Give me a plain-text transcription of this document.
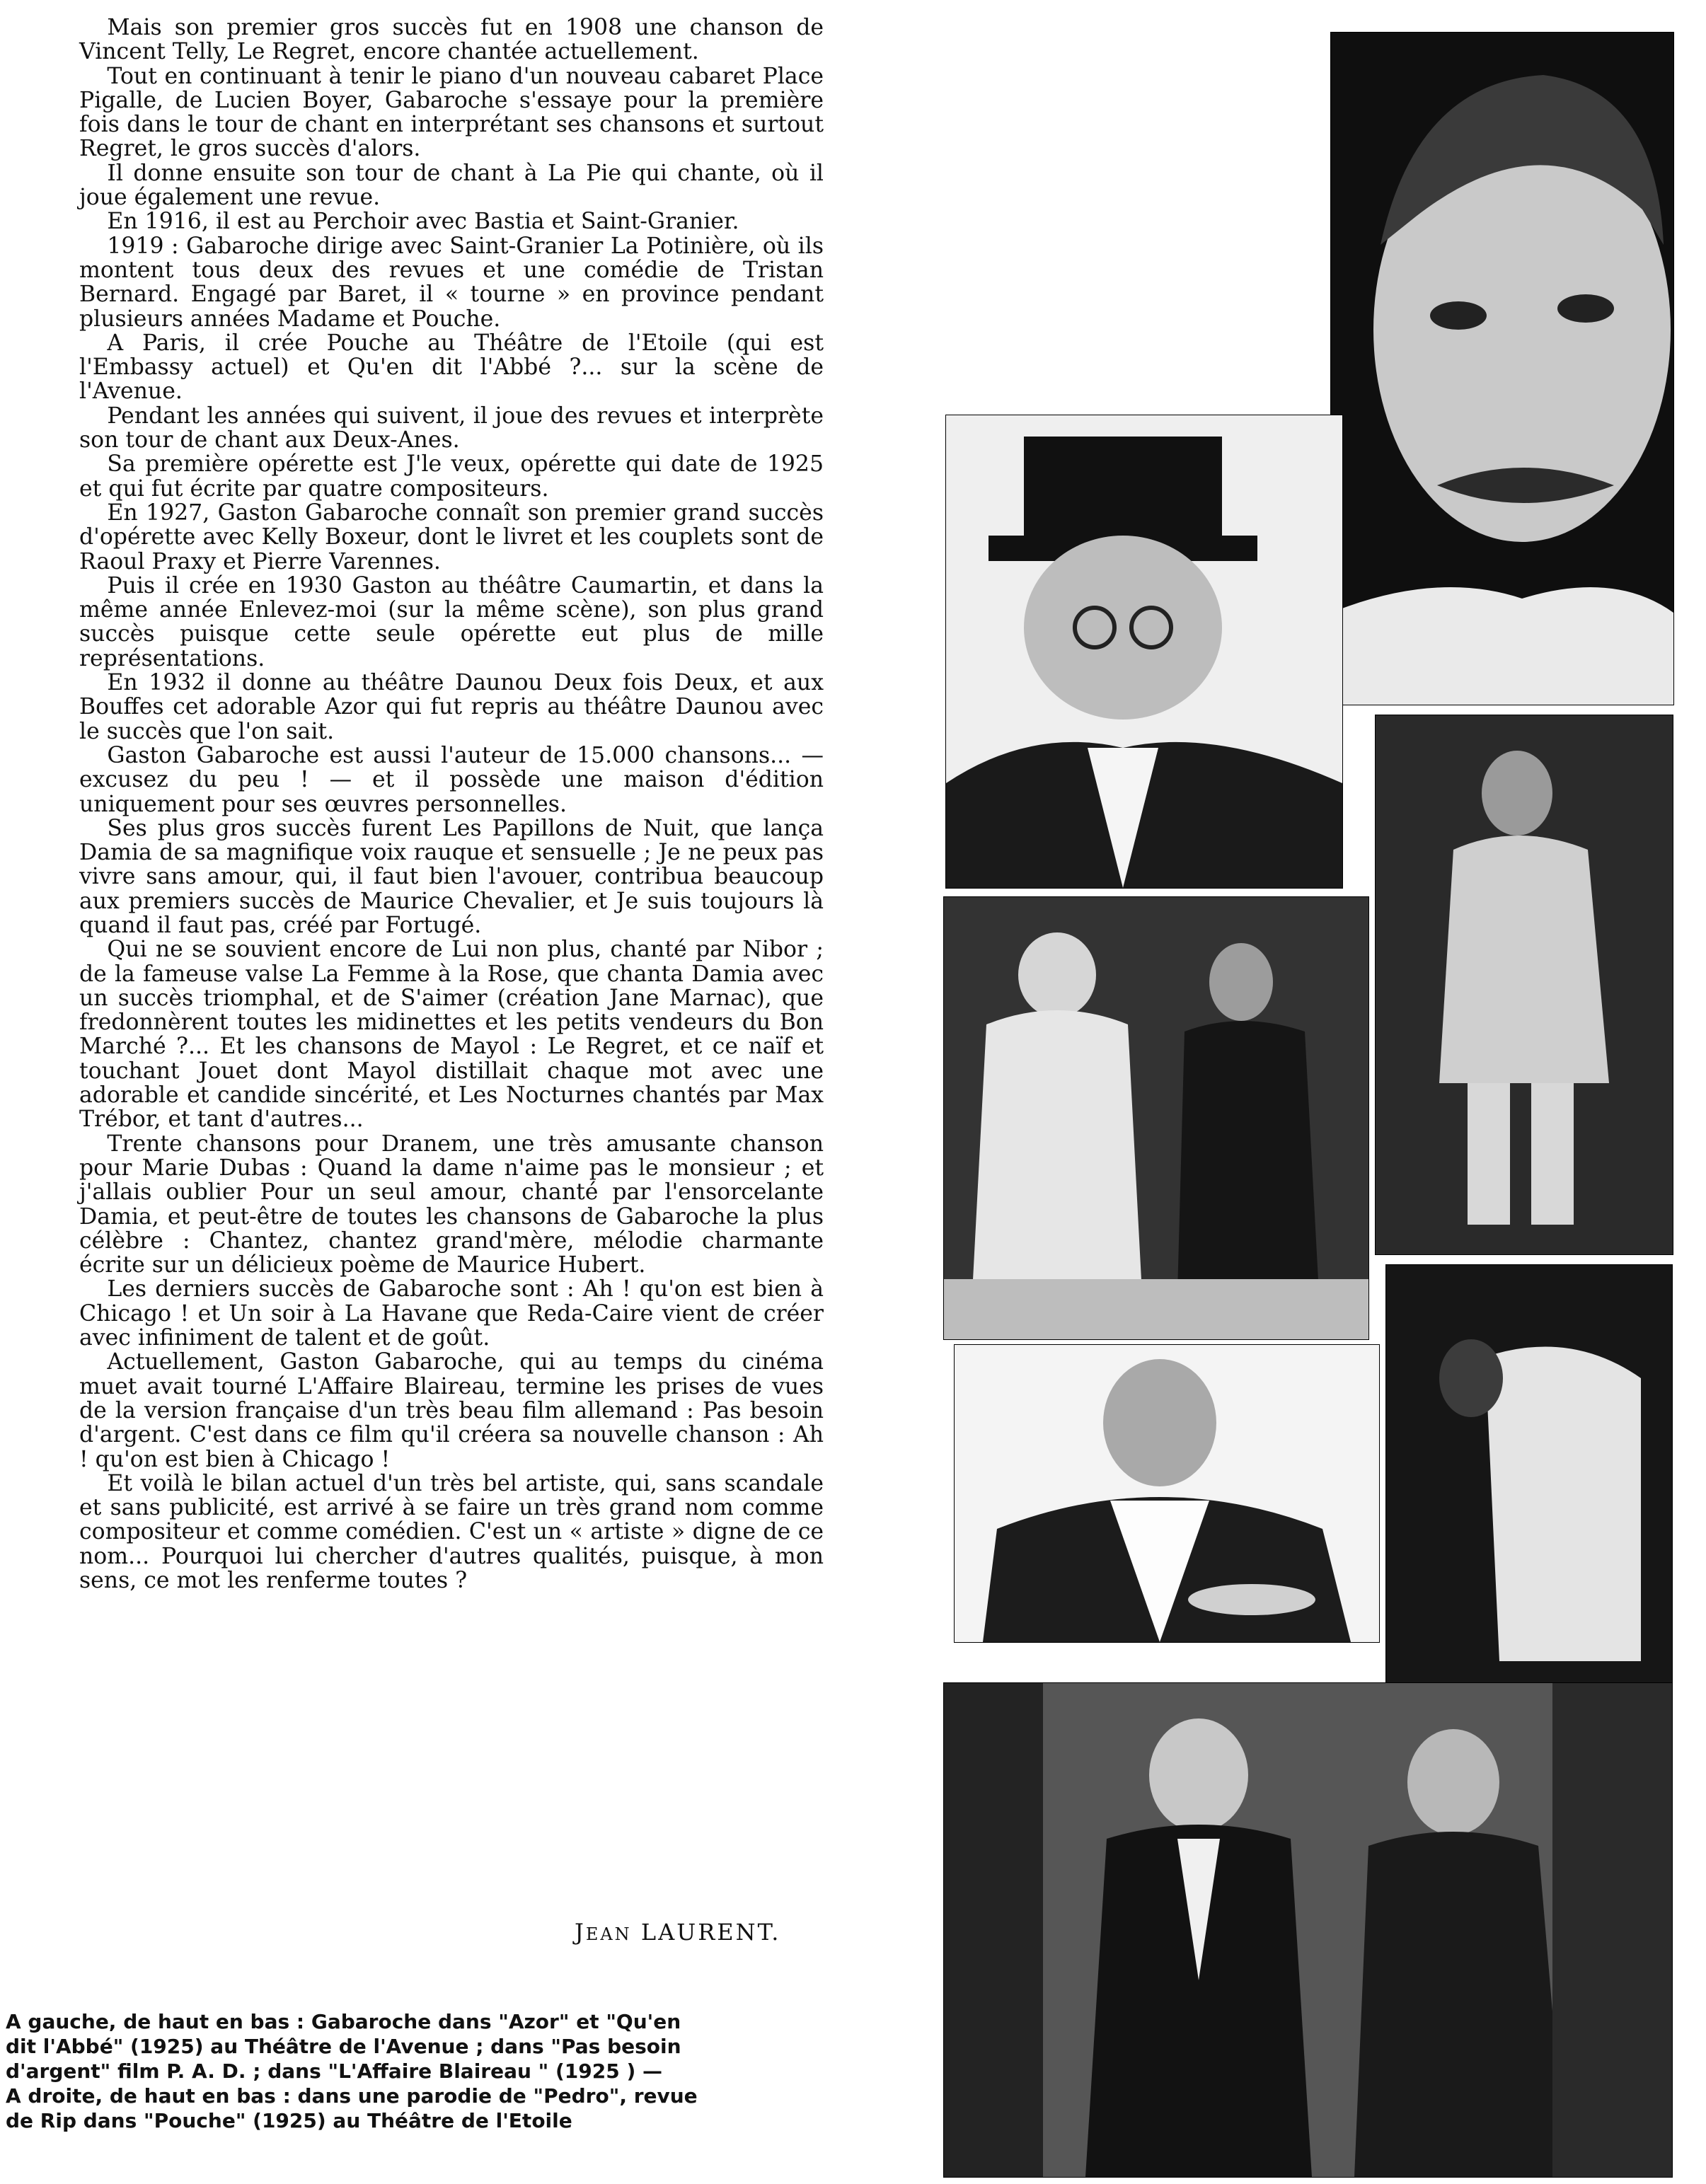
Mais son premier gros succès fut en 1908 une chanson de Vincent Telly, Le Regret, encore chantée actuellement.

Tout en continuant à tenir le piano d'un nouveau cabaret Place Pigalle, de Lucien Boyer, Gabaroche s'essaye pour la première fois dans le tour de chant en interprétant ses chansons et surtout Regret, le gros succès d'alors.

Il donne ensuite son tour de chant à La Pie qui chante, où il joue également une revue.

En 1916, il est au Perchoir avec Bastia et Saint-Granier.

1919 : Gabaroche dirige avec Saint-Granier La Potinière, où ils montent tous deux des revues et une comédie de Tristan Bernard. Engagé par Baret, il « tourne » en province pendant plusieurs années Madame et Pouche.

A Paris, il crée Pouche au Théâtre de l'Etoile (qui est l'Embassy actuel) et Qu'en dit l'Abbé ?... sur la scène de l'Avenue.

Pendant les années qui suivent, il joue des revues et interprète son tour de chant aux Deux-Anes.

Sa première opérette est J'le veux, opérette qui date de 1925 et qui fut écrite par quatre compositeurs.

En 1927, Gaston Gabaroche connaît son premier grand succès d'opérette avec Kelly Boxeur, dont le livret et les couplets sont de Raoul Praxy et Pierre Varennes.

Puis il crée en 1930 Gaston au théâtre Caumartin, et dans la même année Enlevez-moi (sur la même scène), son plus grand succès puisque cette seule opérette eut plus de mille représentations.

En 1932 il donne au théâtre Daunou Deux fois Deux, et aux Bouffes cet adorable Azor qui fut repris au théâtre Daunou avec le succès que l'on sait.

Gaston Gabaroche est aussi l'auteur de 15.000 chansons... — excusez du peu ! — et il possède une maison d'édition uniquement pour ses œuvres personnelles.

Ses plus gros succès furent Les Papillons de Nuit, que lança Damia de sa magnifique voix rauque et sensuelle ; Je ne peux pas vivre sans amour, qui, il faut bien l'avouer, contribua beaucoup aux premiers succès de Maurice Chevalier, et Je suis toujours là quand il faut pas, créé par Fortugé.

Qui ne se souvient encore de Lui non plus, chanté par Nibor ; de la fameuse valse La Femme à la Rose, que chanta Damia avec un succès triomphal, et de S'aimer (création Jane Marnac), que fredonnèrent toutes les midinettes et les petits vendeurs du Bon Marché ?... Et les chansons de Mayol : Le Regret, et ce naïf et touchant Jouet dont Mayol distillait chaque mot avec une adorable et candide sincérité, et Les Nocturnes chantés par Max Trébor, et tant d'autres...

Trente chansons pour Dranem, une très amusante chanson pour Marie Dubas : Quand la dame n'aime pas le monsieur ; et j'allais oublier Pour un seul amour, chanté par l'ensorcelante Damia, et peut-être de toutes les chansons de Gabaroche la plus célèbre : Chantez, chantez grand'mère, mélodie charmante écrite sur un délicieux poème de Maurice Hubert.

Les derniers succès de Gabaroche sont : Ah ! qu'on est bien à Chicago ! et Un soir à La Havane que Reda-Caire vient de créer avec infiniment de talent et de goût.

Actuellement, Gaston Gabaroche, qui au temps du cinéma muet avait tourné L'Affaire Blaireau, termine les prises de vues de la version française d'un très beau film allemand : Pas besoin d'argent. C'est dans ce film qu'il créera sa nouvelle chanson : Ah ! qu'on est bien à Chicago !

Et voilà le bilan actuel d'un très bel artiste, qui, sans scandale et sans publicité, est arrivé à se faire un très grand nom comme compositeur et comme comédien. C'est un « artiste » digne de ce nom... Pourquoi lui chercher d'autres qualités, puisque, à mon sens, ce mot les renferme toutes ?

JEAN LAURENT.
A gauche, de haut en bas : Gabaroche dans "Azor" et "Qu'en
dit l'Abbé" (1925) au Théâtre de l'Avenue ; dans "Pas besoin
d'argent" film P. A. D. ; dans "L'Affaire Blaireau " (1925 ) —
A droite, de haut en bas : dans une parodie de "Pedro", revue
de Rip dans "Pouche" (1925) au Théâtre de l'Etoile
